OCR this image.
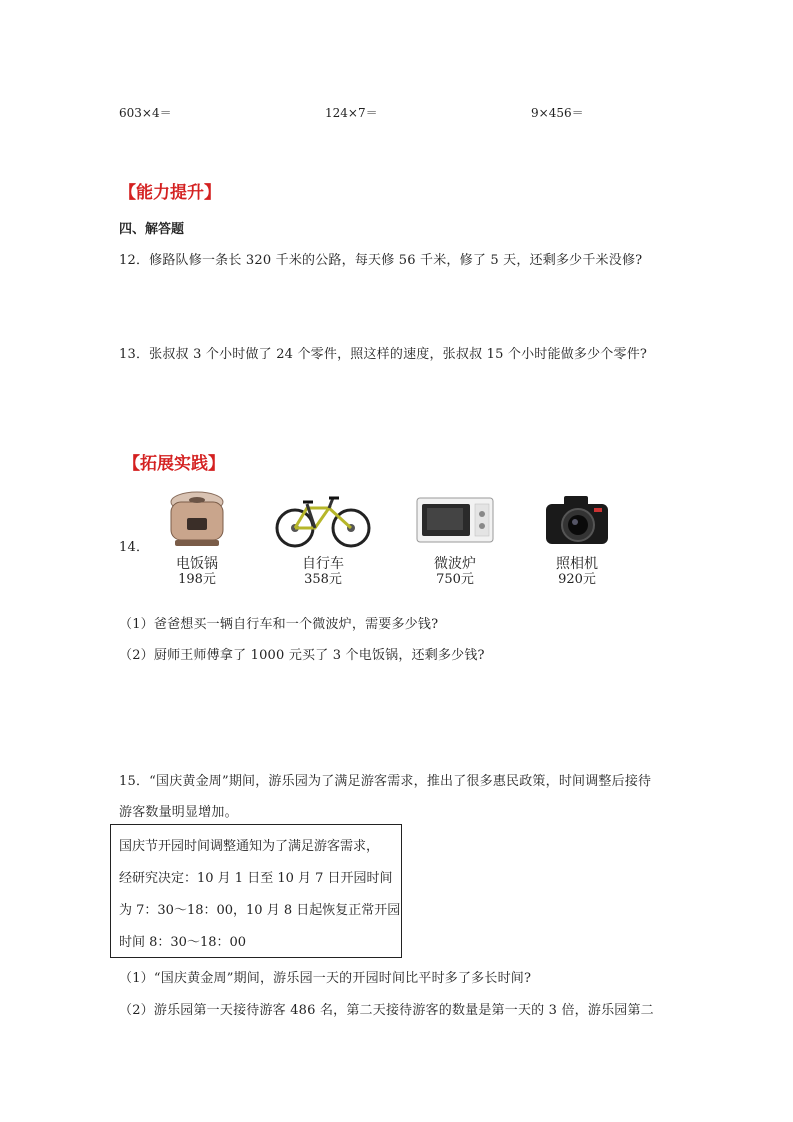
603×4＝	124×7＝	9×456＝
【能力提升】
四、解答题
12．修路队修一条长 320 千米的公路，每天修 56 千米，修了 5 天，还剩多少千米没修?
13．张叔叔 3 个小时做了 24 个零件，照这样的速度，张叔叔 15 个小时能做多少个零件?
【拓展实践】
14．
电饭锅
198元
自行车
358元
微波炉
750元
照相机
920元
（1）爸爸想买一辆自行车和一个微波炉，需要多少钱?
（2）厨师王师傅拿了 1000 元买了 3 个电饭锅，还剩多少钱?
15．“国庆黄金周”期间，游乐园为了满足游客需求，推出了很多惠民政策，时间调整后接待
游客数量明显增加。
国庆节开园时间调整通知为了满足游客需求，
经研究决定：10 月 1 日至 10 月 7 日开园时间
为 7：30～18：00，10 月 8 日起恢复正常开园
时间 8：30～18：00
（1）“国庆黄金周”期间，游乐园一天的开园时间比平时多了多长时间?
（2）游乐园第一天接待游客 486 名，第二天接待游客的数量是第一天的 3 倍，游乐园第二
